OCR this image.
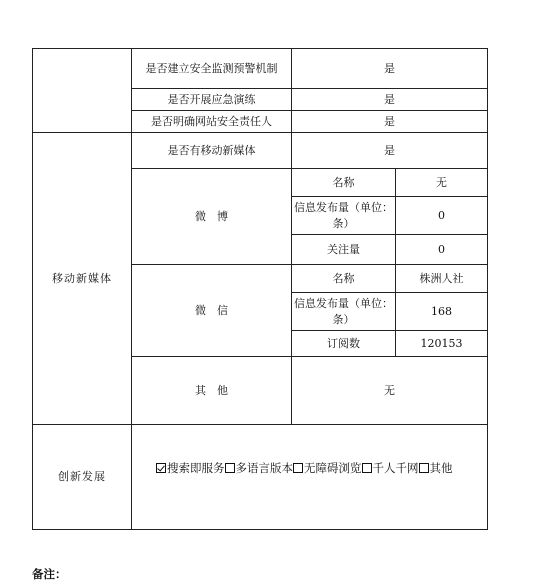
	是否建立安全监测预警机制	是	
	是否开展应急演练	是	
	是否明确网站安全责任人	是	
移动新媒体	是否有移动新媒体	是	
	微　博	名称	无
		信息发布量（单位：条）	0
		关注量	0
	微　信	名称	株洲人社
		信息发布量（单位：条）	168
		订阅数	120153
	其　他	无	
创新发展	搜索即服务 多语言版本 无障碍浏览 千人千网 其他		
备注：
